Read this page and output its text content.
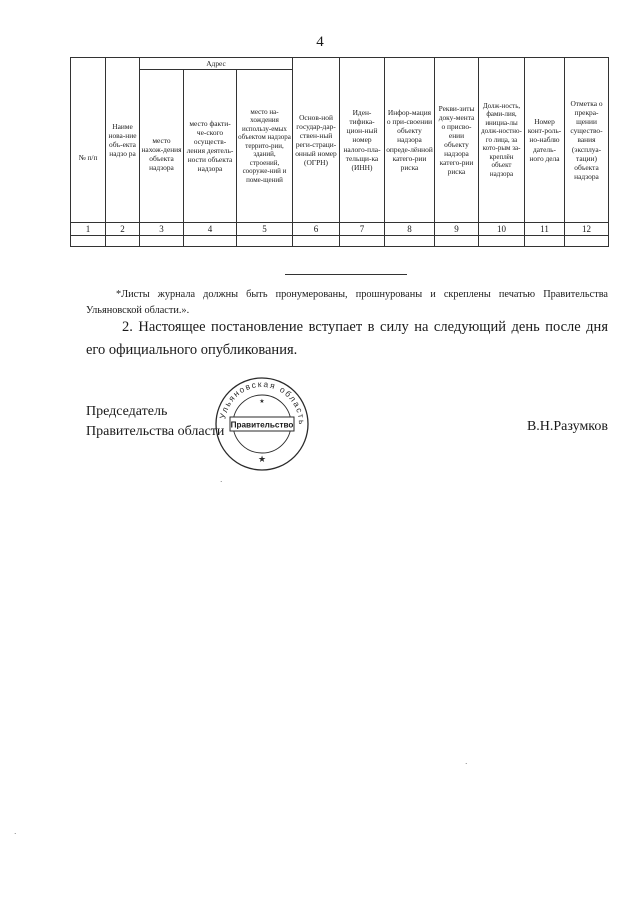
4
№ п/п	Наиме нова-ние объ-екта надзо ра	Адрес			Основ-ной государ-дар-ствен-ный реги-страци-онный номер (ОГРН)	Иден-тифика-цион-ный номер налого-пла-тельщи-ка (ИНН)	Инфор-мация о при-своении объекту надзора опреде-лённой катего-рии риска	Рекви-зиты доку-мента о присво-ении объекту надзора катего-рии риска	Долж-ность, фами-лия, инициа-лы долж-ностно-го лица, за кото-рым за-креплён объект надзора	Номер конт-роль-но-наблю датель-ного дела	Отметка о прекра-щении существо-вания (эксплуа-тации) объекта надзора
		место нахож-дения объекта надзора	место факти-че-ского осуществ-ления деятель-ности объекта надзора	место на-хождения использу-емых объектом надзора террито-рии, зданий, строений, сооруже-ний и поме-щений							
1	2	3	4	5	6	7	8	9	10	11	12

*Листы журнала должны быть пронумерованы, прошнурованы и скреплены печатью Правительства Ульяновской области.».
2. Настоящее постановление вступает в силу на следующий день после дня его официального опубликования.
Ульяновская область
Правительство
★
★
Председатель
Правительства области	В.Н.Разумков
·
·
·
